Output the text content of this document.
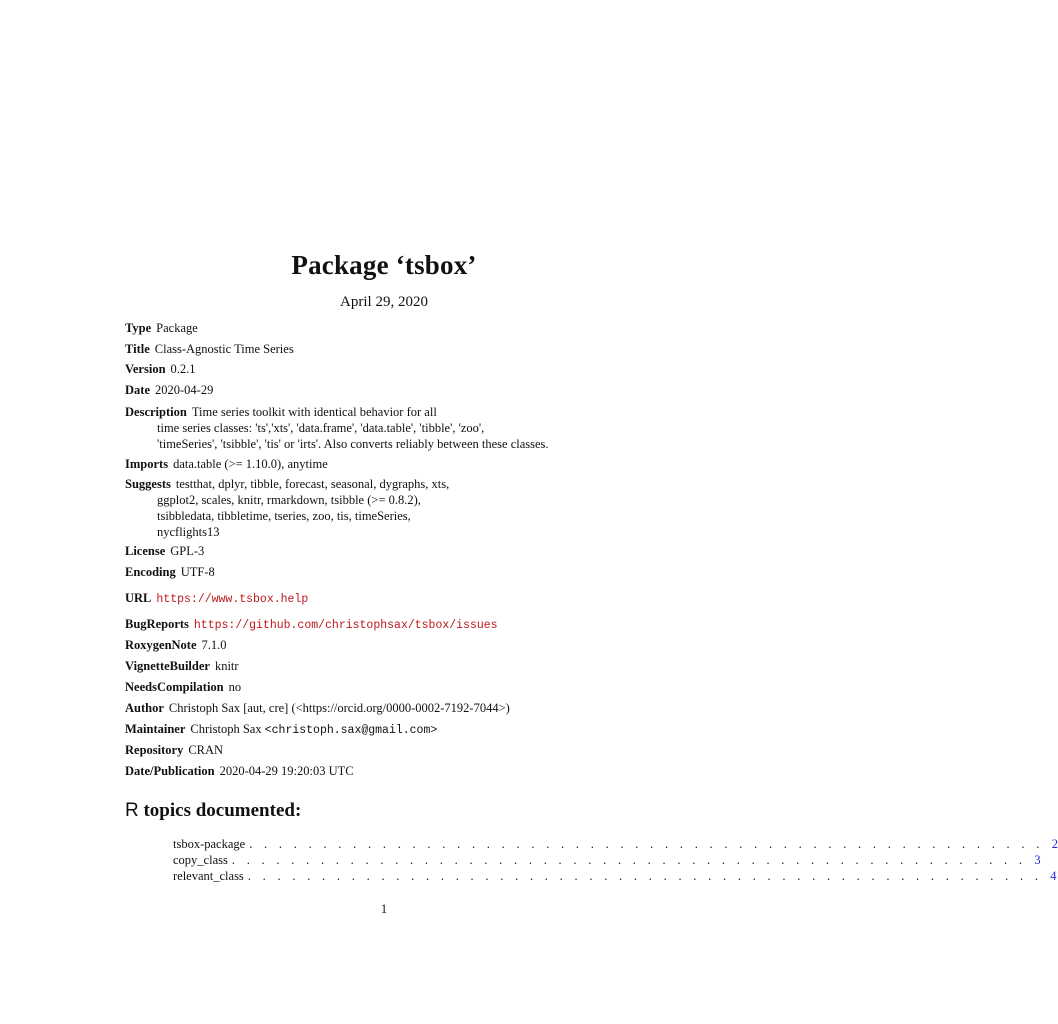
Package ‘tsbox’
April 29, 2020
Type Package
Title Class-Agnostic Time Series
Version 0.2.1
Date 2020-04-29
Description Time series toolkit with identical behavior for all
time series classes: 'ts','xts', 'data.frame', 'data.table', 'tibble', 'zoo',
'timeSeries', 'tsibble', 'tis' or 'irts'. Also converts reliably between these classes.
Imports data.table (>= 1.10.0), anytime
Suggests testthat, dplyr, tibble, forecast, seasonal, dygraphs, xts,
ggplot2, scales, knitr, rmarkdown, tsibble (>= 0.8.2),
tsibbledata, tibbletime, tseries, zoo, tis, timeSeries,
nycflights13
License GPL-3
Encoding UTF-8
URL https://www.tsbox.help
BugReports https://github.com/christophsax/tsbox/issues
RoxygenNote 7.1.0
VignetteBuilder knitr
NeedsCompilation no
Author Christoph Sax [aut, cre] (<https://orcid.org/0000-0002-7192-7044>)
Maintainer Christoph Sax <christoph.sax@gmail.com>
Repository CRAN
Date/Publication 2020-04-29 19:20:03 UTC
R topics documented:
tsbox-package . . . . . . . . . . . . . . . . . . . . . . . . . . . . . . . . . . . . . . . . . . . . . . . . . . . . . . 2
copy_class . . . . . . . . . . . . . . . . . . . . . . . . . . . . . . . . . . . . . . . . . . . . . . . . . . . . . . 3
relevant_class . . . . . . . . . . . . . . . . . . . . . . . . . . . . . . . . . . . . . . . . . . . . . . . . . . . . . . 4
1
